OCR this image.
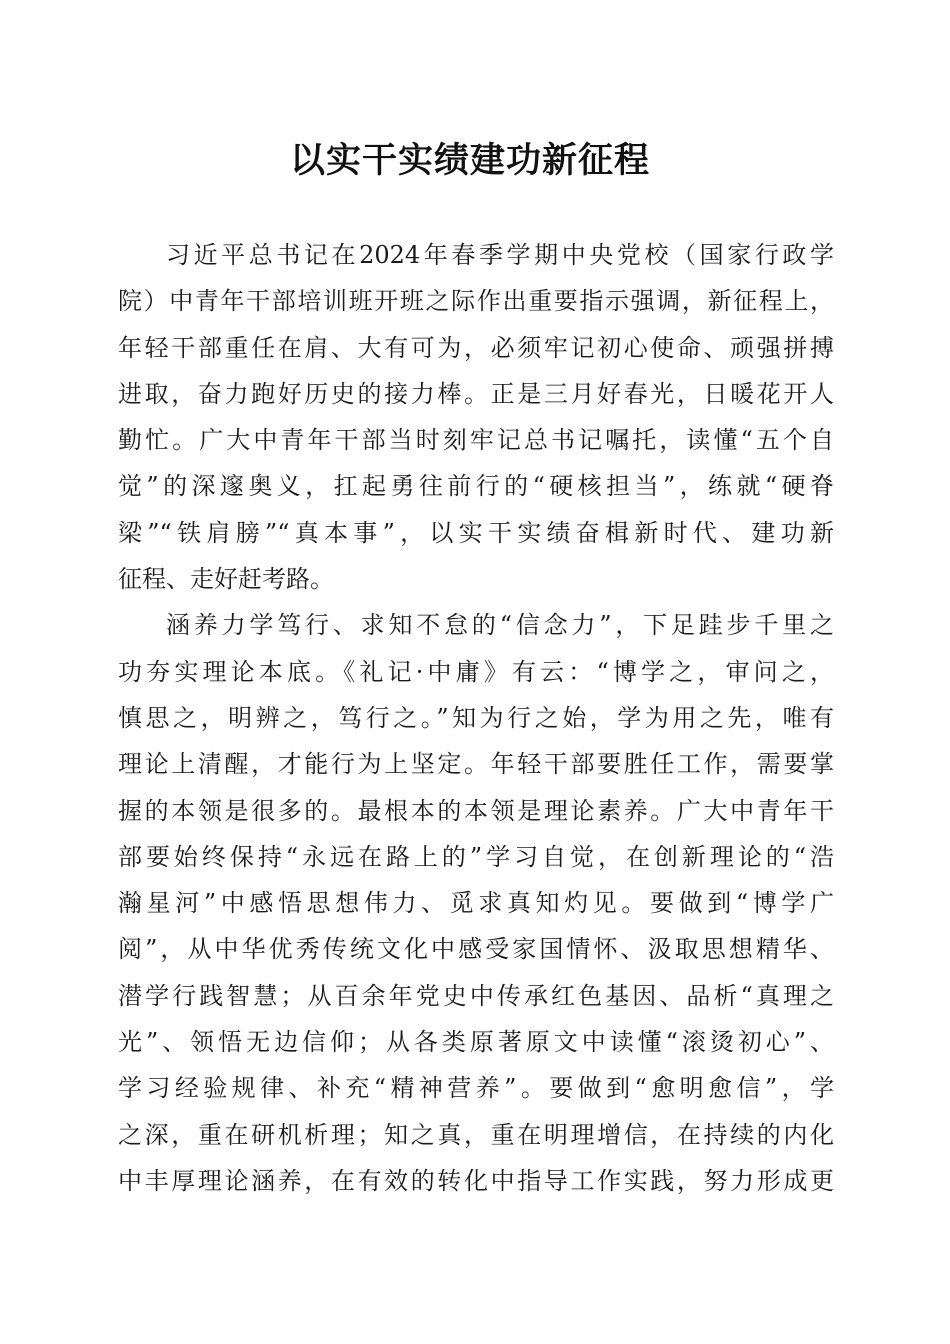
以实干实绩建功新征程
习近平总书记在2024年春季学期中央党校（国家行政学
院）中青年干部培训班开班之际作出重要指示强调，新征程上，
年轻干部重任在肩、大有可为，必须牢记初心使命、顽强拼搏
进取，奋力跑好历史的接力棒。正是三月好春光，日暖花开人
勤忙。广大中青年干部当时刻牢记总书记嘱托，读懂“五个自
觉”的深邃奥义，扛起勇往前行的“硬核担当”，练就“硬脊
梁”“铁肩膀”“真本事”，以实干实绩奋楫新时代、建功新
征程、走好赶考路。
涵养力学笃行、求知不怠的“信念力”，下足跬步千里之
功夯实理论本底。《礼记·中庸》有云：“博学之，审问之，
慎思之，明辨之，笃行之。”知为行之始，学为用之先，唯有
理论上清醒，才能行为上坚定。年轻干部要胜任工作，需要掌
握的本领是很多的。最根本的本领是理论素养。广大中青年干
部要始终保持“永远在路上的”学习自觉，在创新理论的“浩
瀚星河”中感悟思想伟力、觅求真知灼见。要做到“博学广
阅”，从中华优秀传统文化中感受家国情怀、汲取思想精华、
潜学行践智慧；从百余年党史中传承红色基因、品析“真理之
光”、领悟无边信仰；从各类原著原文中读懂“滚烫初心”、
学习经验规律、补充“精神营养”。要做到“愈明愈信”，学
之深，重在研机析理；知之真，重在明理增信，在持续的内化
中丰厚理论涵养，在有效的转化中指导工作实践，努力形成更
